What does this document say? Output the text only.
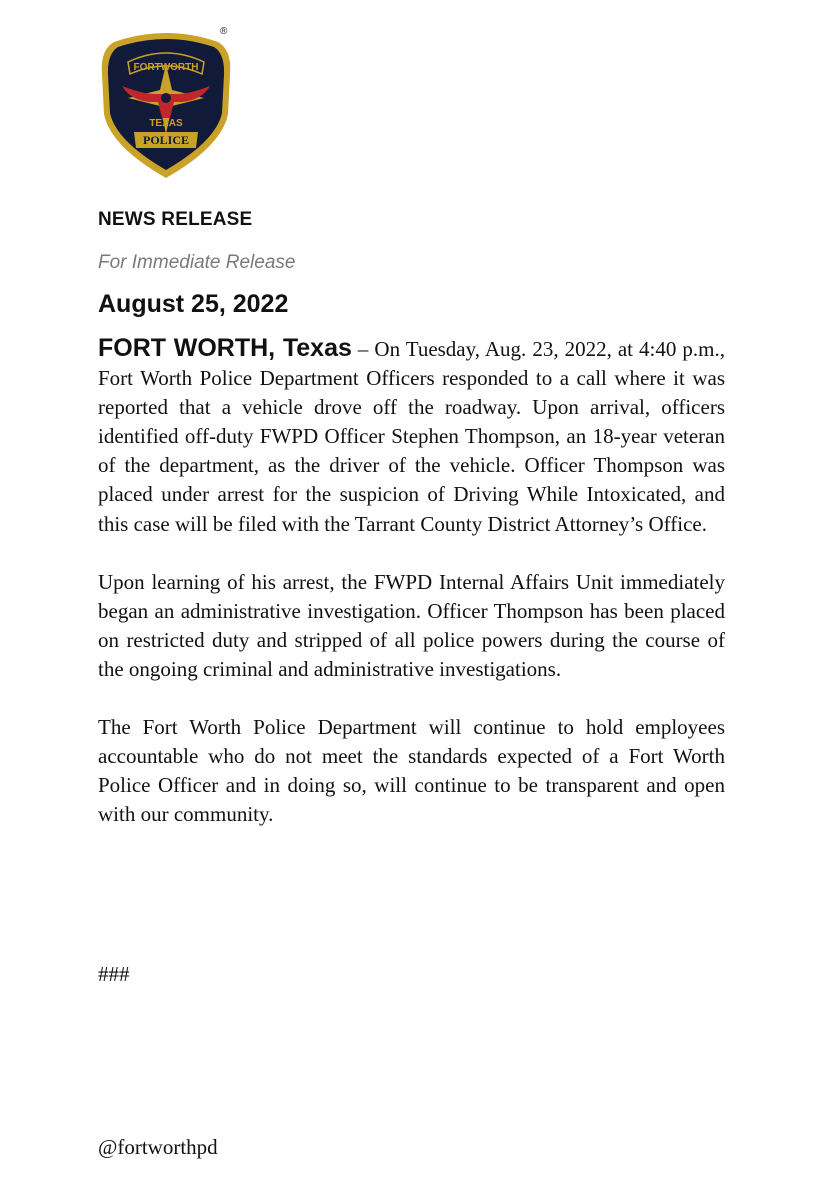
FORTWORTH
TEXAS
POLICE
®
NEWS RELEASE
For Immediate Release
August 25, 2022

FORT WORTH, Texas – On Tuesday, Aug. 23, 2022, at 4:40 p.m., Fort Worth Police Department Officers responded to a call where it was reported that a vehicle drove off the roadway. Upon arrival, officers identified off-duty FWPD Officer Stephen Thompson, an 18-year veteran of the department, as the driver of the vehicle. Officer Thompson was placed under arrest for the suspicion of Driving While Intoxicated, and this case will be filed with the Tarrant County District Attorney’s Office.

Upon learning of his arrest, the FWPD Internal Affairs Unit immediately began an administrative investigation. Officer Thompson has been placed on restricted duty and stripped of all police powers during the course of the ongoing criminal and administrative investigations.

The Fort Worth Police Department will continue to hold employees accountable who do not meet the standards expected of a Fort Worth Police Officer and in doing so, will continue to be transparent and open with our community.

###
@fortworthpd
